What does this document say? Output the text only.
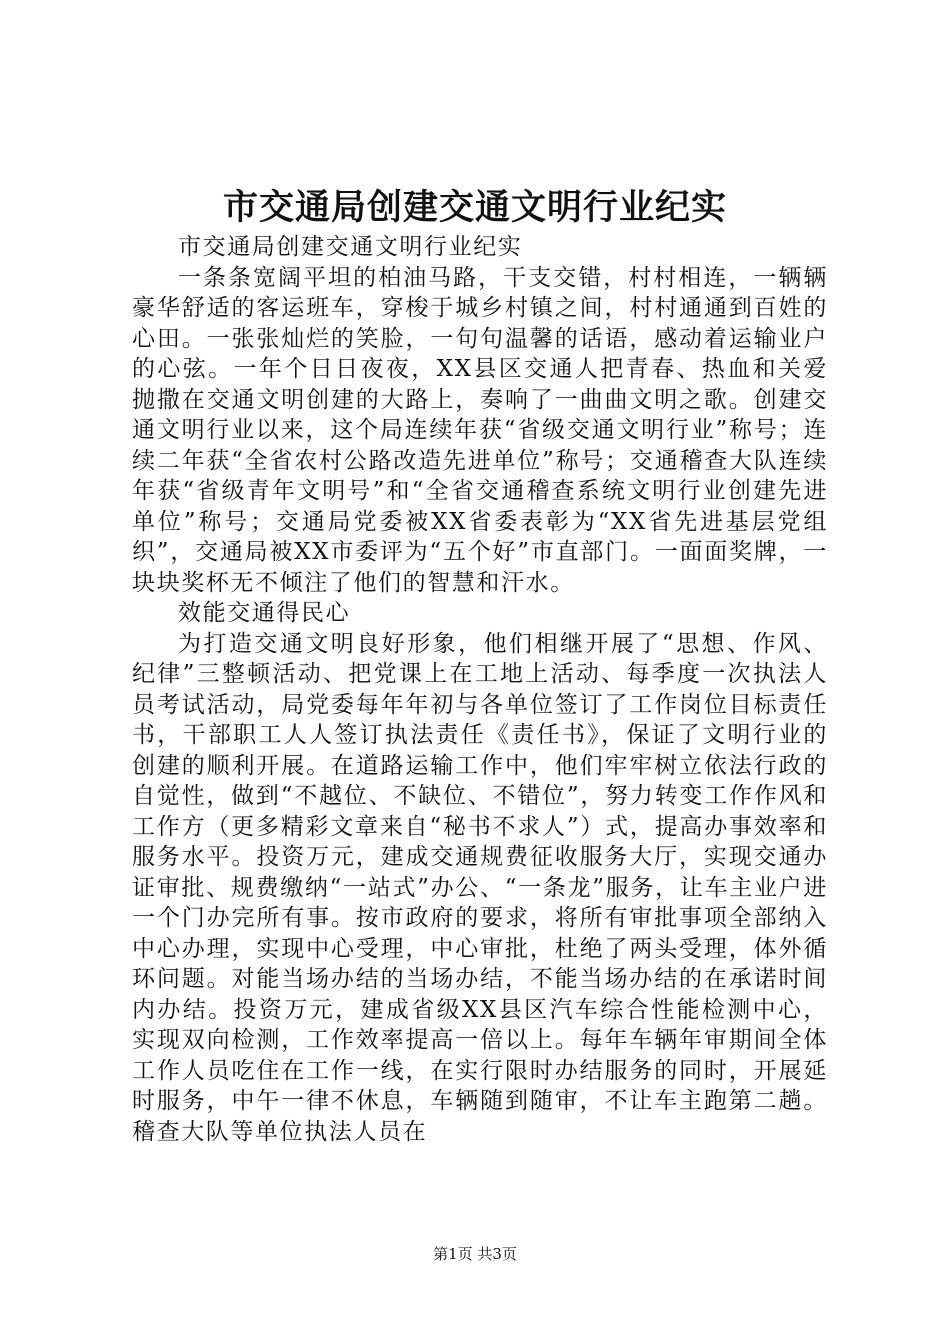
市交通局创建交通文明行业纪实

市交通局创建交通文明行业纪实

一条条宽阔平坦的柏油马路，干支交错，村村相连，一辆辆豪华舒适的客运班车，穿梭于城乡村镇之间，村村通通到百姓的心田。一张张灿烂的笑脸，一句句温馨的话语，感动着运输业户的心弦。一年个日日夜夜，XX县区交通人把青春、热血和关爱抛撒在交通文明创建的大路上，奏响了一曲曲文明之歌。创建交通文明行业以来，这个局连续年获“省级交通文明行业”称号；连续二年获“全省农村公路改造先进单位”称号；交通稽查大队连续年获“省级青年文明号”和“全省交通稽查系统文明行业创建先进单位”称号；交通局党委被XX省委表彰为“XX省先进基层党组织”，交通局被XX市委评为“五个好”市直部门。一面面奖牌，一块块奖杯无不倾注了他们的智慧和汗水。

效能交通得民心

为打造交通文明良好形象，他们相继开展了“思想、作风、纪律”三整顿活动、把党课上在工地上活动、每季度一次执法人员考试活动，局党委每年年初与各单位签订了工作岗位目标责任书，干部职工人人签订执法责任《责任书》，保证了文明行业的创建的顺利开展。在道路运输工作中，他们牢牢树立依法行政的自觉性，做到“不越位、不缺位、不错位”，努力转变工作作风和工作方（更多精彩文章来自“秘书不求人”）式，提高办事效率和服务水平。投资万元，建成交通规费征收服务大厅，实现交通办证审批、规费缴纳“一站式”办公、“一条龙”服务，让车主业户进一个门办完所有事。按市政府的要求，将所有审批事项全部纳入中心办理，实现中心受理，中心审批，杜绝了两头受理，体外循环问题。对能当场办结的当场办结，不能当场办结的在承诺时间内办结。投资万元，建成省级XX县区汽车综合性能检测中心，实现双向检测，工作效率提高一倍以上。每年车辆年审期间全体工作人员吃住在工作一线，在实行限时办结服务的同时，开展延时服务，中午一律不休息，车辆随到随审，不让车主跑第二趟。稽查大队等单位执法人员在

第1页 共3页
